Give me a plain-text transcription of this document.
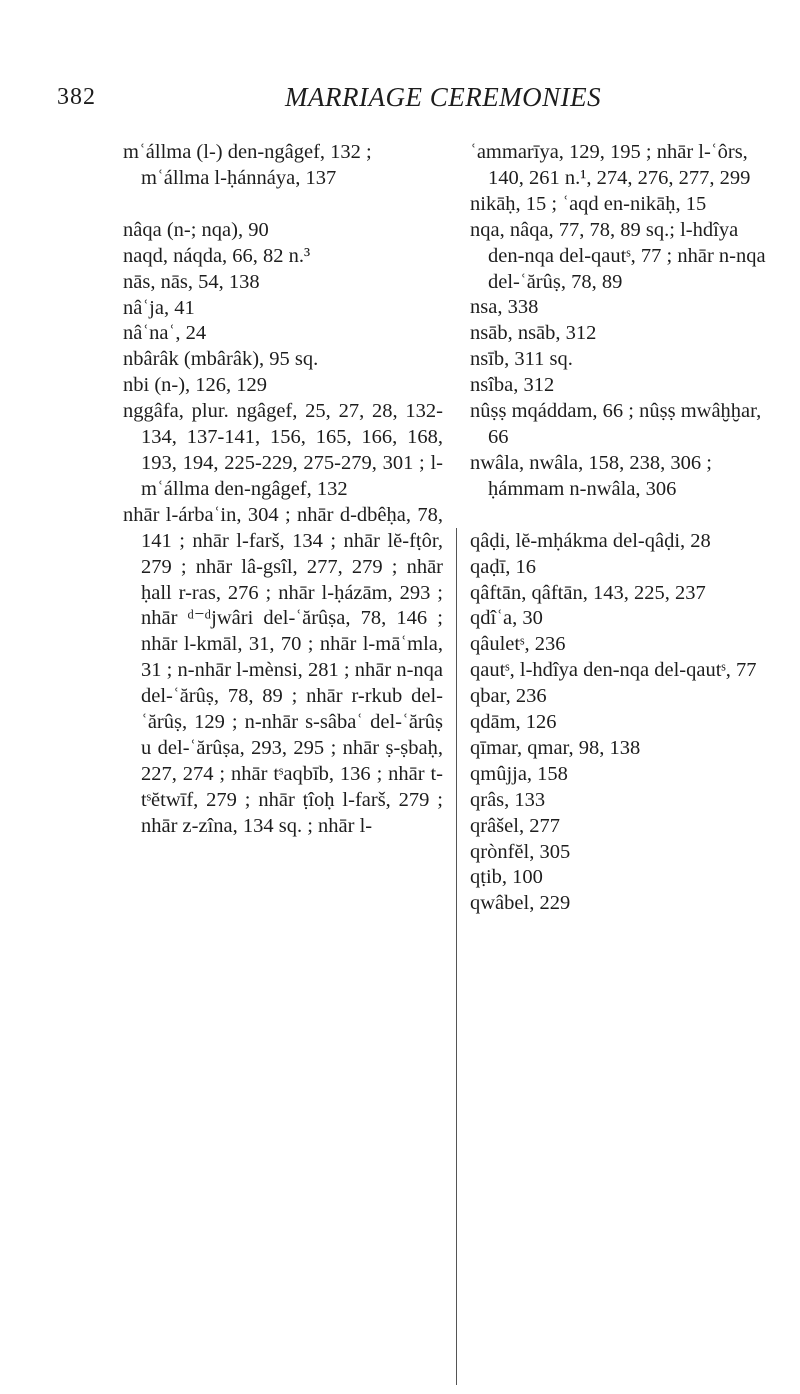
382	MARRIAGE CEREMONIES

mʿállma (l-) den-ngâgef, 132 ; mʿállma l-ḥánnáya, 137

nâqa (n-; nqa), 90

naqd, náqda, 66, 82 n.³

nās, nās, 54, 138

nâʿja, 41

nâʿnaʿ, 24

nbârâk (mbârâk), 95 sq.

nbi (n-), 126, 129

nggâfa, plur. ngâgef, 25, 27, 28, 132-134, 137-141, 156, 165, 166, 168, 193, 194, 225-229, 275-279, 301 ; l-mʿállma den-ngâgef, 132

nhār l-árbaʿin, 304 ; nhār d-dbêḥa, 78, 141 ; nhār l-farš, 134 ; nhār lĕ-fṭôr, 279 ; nhār lâ-gsîl, 277, 279 ; nhār ḥall r-ras, 276 ; nhār l-ḥázām, 293 ; nhār ᵈ⁻ᵈjwâri del-ʿărûṣa, 78, 146 ; nhār l-kmāl, 31, 70 ; nhār l-māʿmla, 31 ; n-nhār l-mènsi, 281 ; nhār n-nqa del-ʿărûṣ, 78, 89 ; nhār r-rkub del-ʿărûṣ, 129 ; n-nhār s-sâbaʿ del-ʿărûṣ u del-ʿărûṣa, 293, 295 ; nhār ṣ-ṣbaḥ, 227, 274 ; nhār tˢaqbīb, 136 ; nhār t-tˢĕtwīf, 279 ; nhār ṭîoḥ l-farš, 279 ; nhār z-zîna, 134 sq. ; nhār l-

ʿammarīya, 129, 195 ; nhār l-ʿôrs, 140, 261 n.¹, 274, 276, 277, 299

nikāḥ, 15 ; ʿaqd en-nikāḥ, 15

nqa, nâqa, 77, 78, 89 sq.; l-hdîya den-nqa del-qautˢ, 77 ; nhār n-nqa del-ʿărûṣ, 78, 89

nsa, 338

nsāb, nsāb, 312

nsīb, 311 sq.

nsîba, 312

nûṣṣ mqáddam, 66 ; nûṣṣ mwâḫḫar, 66

nwâla, nwâla, 158, 238, 306 ; ḥámmam n-nwâla, 306

qâḍi, lĕ-mḥákma del-qâḍi, 28

qaḍī, 16

qâftān, qâftān, 143, 225, 237

qdîʿa, 30

qâuletˢ, 236

qautˢ, l-hdîya den-nqa del-qautˢ, 77

qbar, 236

qdām, 126

qīmar, qmar, 98, 138

qmûjja, 158

qrâs, 133

qrâšel, 277

qrònfĕl, 305

qṭib, 100

qwâbel, 229
